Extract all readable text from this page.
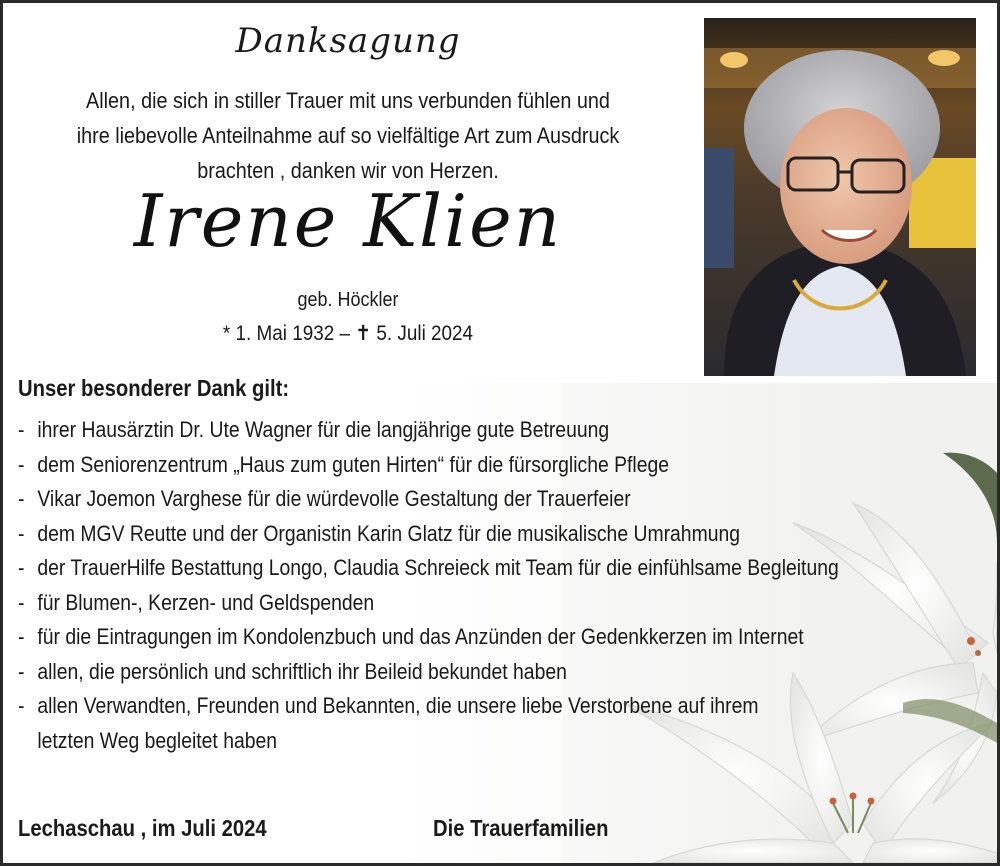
Danksagung
Allen, die sich in stiller Trauer mit uns verbunden fühlen und
ihre liebevolle Anteilnahme auf so vielfältige Art zum Ausdruck
brachten , danken wir von Herzen.
Irene Klien
geb. Höckler
* 1. Mai 1932 – ✝ 5. Juli 2024
Unser besonderer Dank gilt:
- ihrer Hausärztin Dr. Ute Wagner für die langjährige gute Betreuung
- dem Seniorenzentrum „Haus zum guten Hirten“ für die fürsorgliche Pflege
- Vikar Joemon Varghese für die würdevolle Gestaltung der Trauerfeier
- dem MGV Reutte und der Organistin Karin Glatz für die musikalische Umrahmung
- der TrauerHilfe Bestattung Longo, Claudia Schreieck mit Team für die einfühlsame Begleitung
- für Blumen-, Kerzen- und Geldspenden
- für die Eintragungen im Kondolenzbuch und das Anzünden der Gedenkkerzen im Internet
- allen, die persönlich und schriftlich ihr Beileid bekundet haben
- allen Verwandten, Freunden und Bekannten, die unsere liebe Verstorbene auf ihrem
letzten Weg begleitet haben
Lechaschau , im Juli 2024	Die Trauerfamilien
